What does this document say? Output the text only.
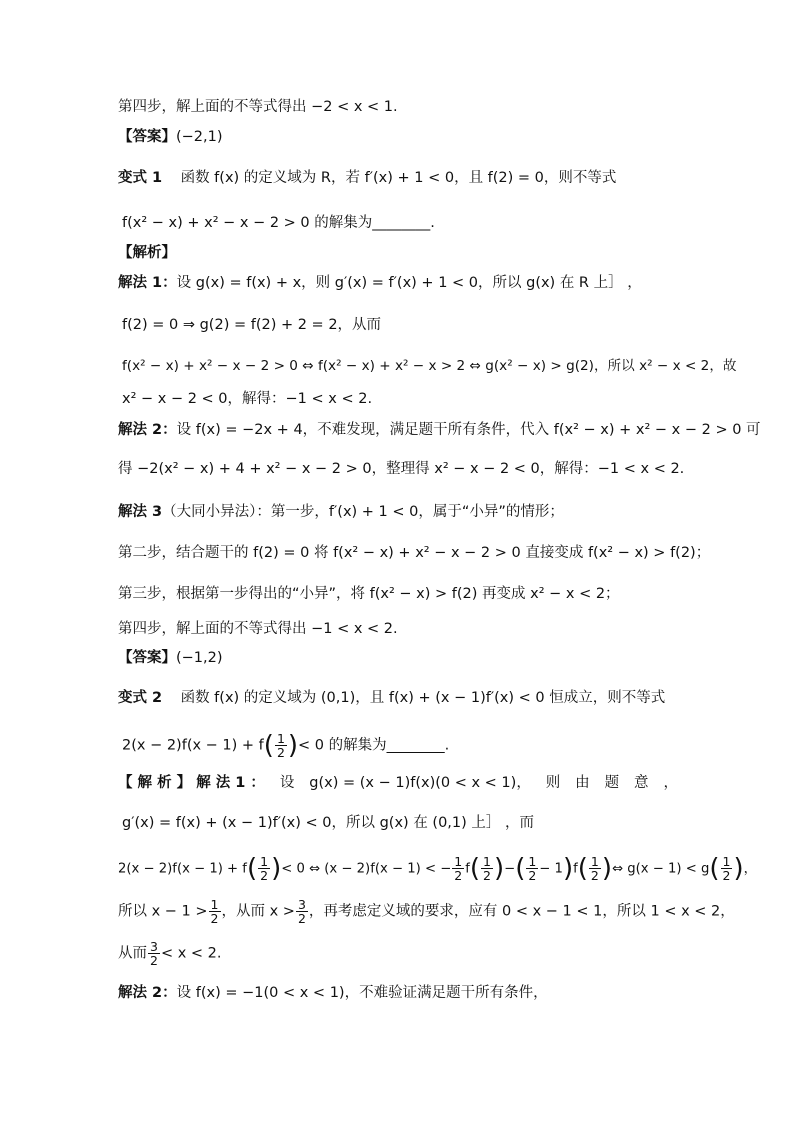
第四步，解上面的不等式得出 −2 < x < 1.
【答案】(−2,1)
变式 1 函数 f(x) 的定义域为 R，若 f′(x) + 1 < 0，且 f(2) = 0，则不等式
f(x² − x) + x² − x − 2 > 0 的解集为________.
【解析】
解法 1：设 g(x) = f(x) + x，则 g′(x) = f′(x) + 1 < 0，所以 g(x) 在 R 上］ ，
f(2) = 0 ⇒ g(2) = f(2) + 2 = 2，从而
f(x² − x) + x² − x − 2 > 0 ⇔ f(x² − x) + x² − x > 2 ⇔ g(x² − x) > g(2)，所以 x² − x < 2，故
x² − x − 2 < 0，解得：−1 < x < 2.
解法 2：设 f(x) = −2x + 4，不难发现，满足题干所有条件，代入 f(x² − x) + x² − x − 2 > 0 可
得 −2(x² − x) + 4 + x² − x − 2 > 0，整理得 x² − x − 2 < 0，解得：−1 < x < 2.
解法 3（大同小异法）：第一步，f′(x) + 1 < 0，属于“小异”的情形；
第二步，结合题干的 f(2) = 0 将 f(x² − x) + x² − x − 2 > 0 直接变成 f(x² − x) > f(2)；
第三步，根据第一步得出的“小异”，将 f(x² − x) > f(2) 再变成 x² − x < 2；
第四步，解上面的不等式得出 −1 < x < 2.
【答案】(−1,2)
变式 2 函数 f(x) 的定义域为 (0,1)，且 f(x) + (x − 1)f′(x) < 0 恒成立，则不等式
$2(x - 2)f(x - 1) + f( \frac{1}{2}$ )< 0 的解集为________.
【 解 析 】 解 法 1 ： 设 g(x) = (x − 1)f(x)(0 < x < 1)， 则 由 题 意 ，
g′(x) = f(x) + (x − 1)f′(x) < 0，所以 g(x) 在 (0,1) 上］ ，而
$2(x - 2)f(x - 1) + f( \frac{1}{2}$ )< 0 ⇔ (x − 2)f(x − 1) < − $\frac{1}{2} f( \frac{1}{2}$ )−( $\frac{1}{2} - 1)f( \frac{1}{2}$ )⇔ $g(x - 1) < g( \frac{1}{2}$ )，
所以 $x - 1 > \frac{1}{2}$ ，从而 $x > \frac{3}{2}$ ，再考虑定义域的要求，应有 0 < x − 1 < 1，所以 1 < x < 2，
从而 $\frac{3}{2} < x < 2$.
解法 2：设 f(x) = −1(0 < x < 1)，不难验证满足题干所有条件，
